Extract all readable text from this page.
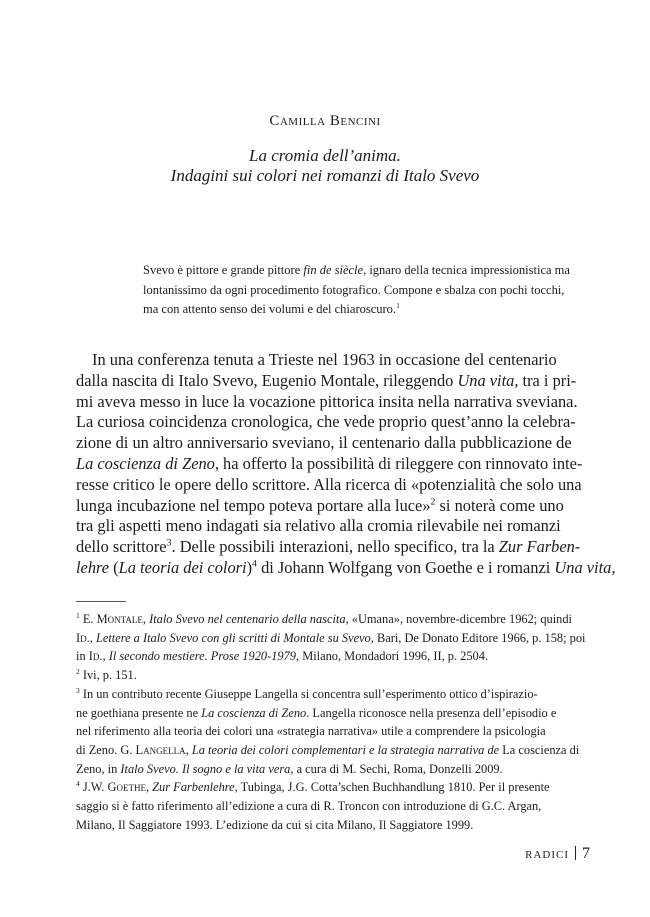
Camilla Bencini
La cromia dell’anima.
Indagini sui colori nei romanzi di Italo Svevo
Svevo è pittore e grande pittore fin de siècle, ignaro della tecnica impressionistica ma
lontanissimo da ogni procedimento fotografico. Compone e sbalza con pochi tocchi,
ma con attento senso dei volumi e del chiaroscuro.$^1$
In una conferenza tenuta a Trieste nel 1963 in occasione del centenario
dalla nascita di Italo Svevo, Eugenio Montale, rileggendo Una vita, tra i pri-
mi aveva messo in luce la vocazione pittorica insita nella narrativa sveviana.
La curiosa coincidenza cronologica, che vede proprio quest’anno la celebra-
zione di un altro anniversario sveviano, il centenario dalla pubblicazione de
La coscienza di Zeno, ha offerto la possibilità di rileggere con rinnovato inte-
resse critico le opere dello scrittore. Alla ricerca di «potenzialità che solo una
lunga incubazione nel tempo poteva portare alla luce»$^2$ si noterà come uno
tra gli aspetti meno indagati sia relativo alla cromia rilevabile nei romanzi
dello scrittore$^3$. Delle possibili interazioni, nello specifico, tra la Zur Farben-
lehre (La teoria dei colori)$^4$ di Johann Wolfgang von Goethe e i romanzi Una vita,
$^1$ E. Montale, Italo Svevo nel centenario della nascita, «Umana», novembre-dicembre 1962; quindi
Id., Lettere a Italo Svevo con gli scritti di Montale su Svevo, Bari, De Donato Editore 1966, p. 158; poi
in Id., Il secondo mestiere. Prose 1920-1979, Milano, Mondadori 1996, II, p. 2504.
$^2$ Ivi, p. 151.
$^3$ In un contributo recente Giuseppe Langella si concentra sull’esperimento ottico d’ispirazio-
ne goethiana presente ne La coscienza di Zeno. Langella riconosce nella presenza dell’episodio e
nel riferimento alla teoria dei colori una «strategia narrativa» utile a comprendere la psicologia
di Zeno. G. Langella, La teoria dei colori complementari e la strategia narrativa de La coscienza di
Zeno, in Italo Svevo. Il sogno e la vita vera, a cura di M. Sechi, Roma, Donzelli 2009.
$^4$ J.W. Goethe, Zur Farbenlehre, Tubinga, J.G. Cotta’schen Buchhandlung 1810. Per il presente
saggio si è fatto riferimento all’edizione a cura di R. Troncon con introduzione di G.C. Argan,
Milano, Il Saggiatore 1993. L’edizione da cui si cita Milano, Il Saggiatore 1999.
RADICI 7
